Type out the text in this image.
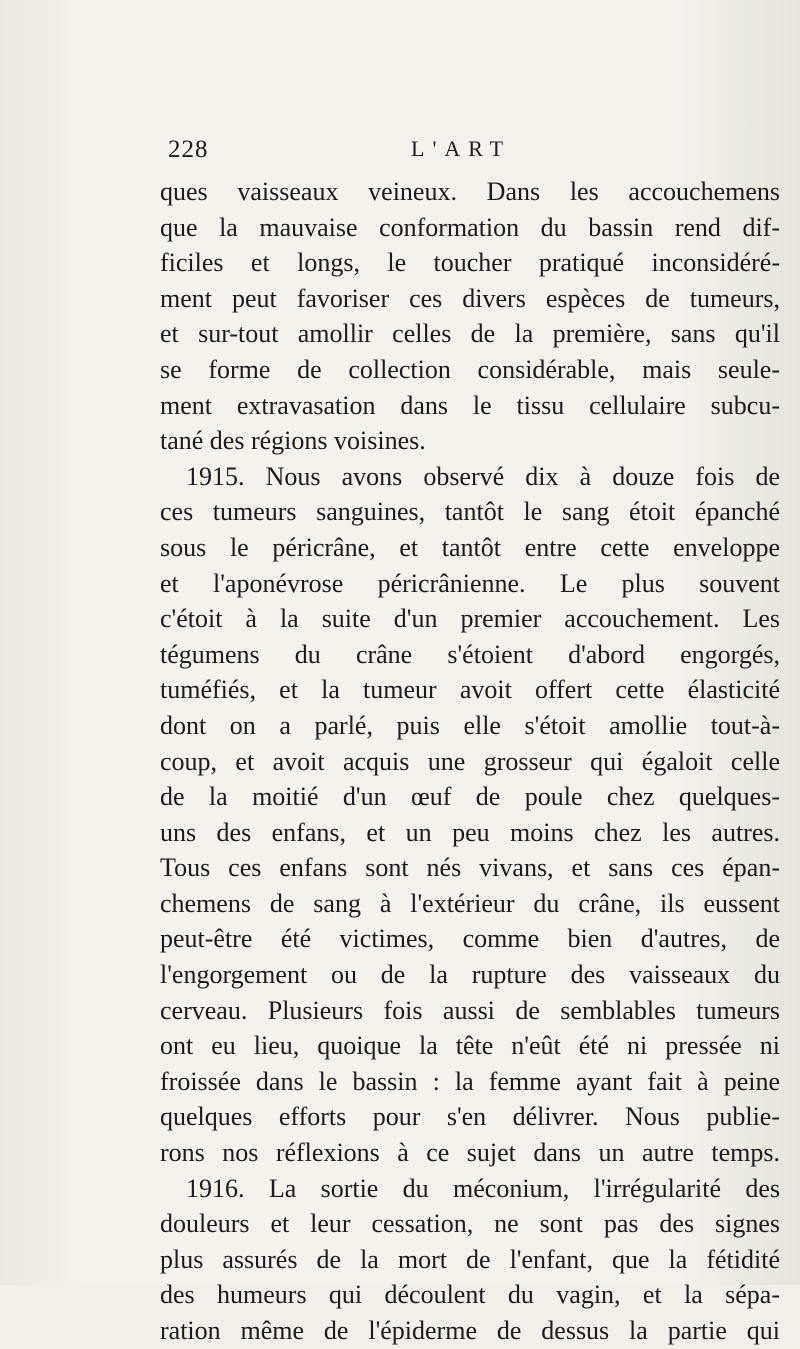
228	L'ART
ques vaisseaux veineux. Dans les accouchemens
que la mauvaise conformation du bassin rend dif-
ficiles et longs, le toucher pratiqué inconsidéré-
ment peut favoriser ces divers espèces de tumeurs,
et sur-tout amollir celles de la première, sans qu'il
se forme de collection considérable, mais seule-
ment extravasation dans le tissu cellulaire subcu-
tané des régions voisines.
1915. Nous avons observé dix à douze fois de
ces tumeurs sanguines, tantôt le sang étoit épanché
sous le péricrâne, et tantôt entre cette enveloppe
et l'aponévrose péricrânienne. Le plus souvent
c'étoit à la suite d'un premier accouchement. Les
tégumens du crâne s'étoient d'abord engorgés,
tuméfiés, et la tumeur avoit offert cette élasticité
dont on a parlé, puis elle s'étoit amollie tout-à-
coup, et avoit acquis une grosseur qui égaloit celle
de la moitié d'un œuf de poule chez quelques-
uns des enfans, et un peu moins chez les autres.
Tous ces enfans sont nés vivans, et sans ces épan-
chemens de sang à l'extérieur du crâne, ils eussent
peut-être été victimes, comme bien d'autres, de
l'engorgement ou de la rupture des vaisseaux du
cerveau. Plusieurs fois aussi de semblables tumeurs
ont eu lieu, quoique la tête n'eût été ni pressée ni
froissée dans le bassin : la femme ayant fait à peine
quelques efforts pour s'en délivrer. Nous publie-
rons nos réflexions à ce sujet dans un autre temps.
1916. La sortie du méconium, l'irrégularité des
douleurs et leur cessation, ne sont pas des signes
plus assurés de la mort de l'enfant, que la fétidité
des humeurs qui découlent du vagin, et la sépa-
ration même de l'épiderme de dessus la partie qui
